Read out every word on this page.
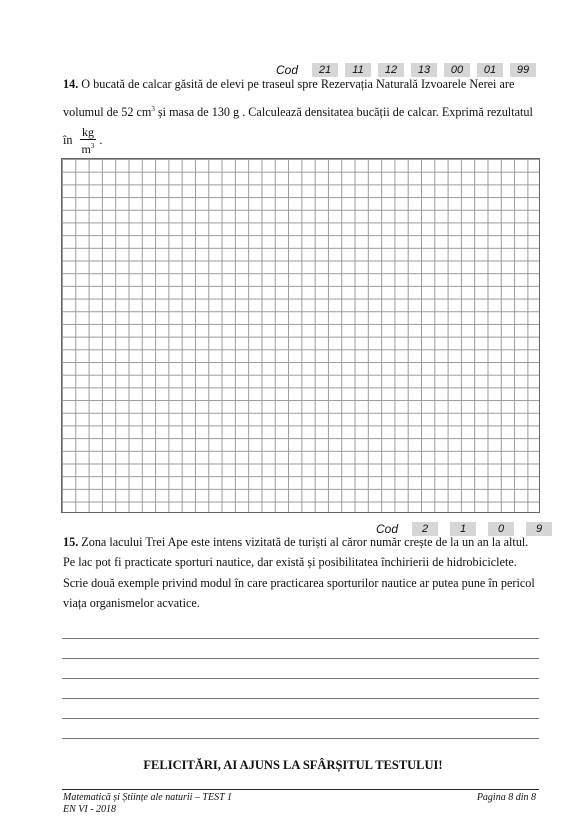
Cod	21	11	12	13	00	01	99
14. O bucată de calcar găsită de elevi pe traseul spre Rezervația Naturală Izvoarele Nerei are
volumul de 52 $cm^3$ și masa de 130 g . Calculează densitatea bucății de calcar. Exprimă rezultatul
în $\frac{kg}{m^3}$ .
Cod	2	1	0	9
15. Zona lacului Trei Ape este intens vizitată de turiști al căror număr crește de la un an la altul.
Pe lac pot fi practicate sporturi nautice, dar există și posibilitatea închirierii de hidrobiciclete.
Scrie două exemple privind modul în care practicarea sporturilor nautice ar putea pune în pericol
viața organismelor acvatice.
FELICITĂRI, AI AJUNS LA SFÂRȘITUL TESTULUI!
Matematică și Științe ale naturii – TEST 1
EN VI - 2018
Pagina 8 din 8
